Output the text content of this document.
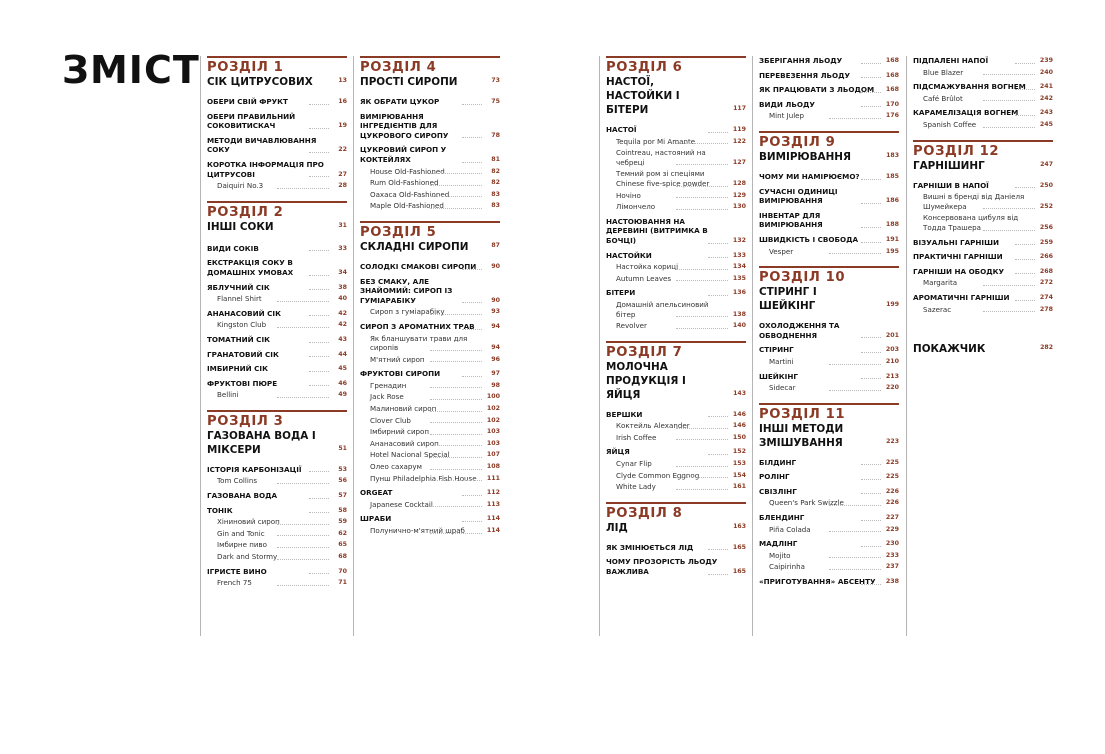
ЗМІСТ РОЗДІЛ 1
СІК ЦИТРУСОВИХ	13
ОБЕРИ СВІЙ ФРУКТ	16
ОБЕРИ ПРАВИЛЬНИЙ СОКОВИТИСКАЧ	19
МЕТОДИ ВИЧАВЛЮВАННЯ СОКУ	22
КОРОТКА ІНФОРМАЦІЯ ПРО ЦИТРУСОВІ	27
Daiquiri No.3	28
РОЗДІЛ 2
ІНШІ СОКИ	31
ВИДИ СОКІВ	33
ЕКСТРАКЦІЯ СОКУ В ДОМАШНІХ УМОВАХ	34
ЯБЛУЧНИЙ СІК	38
Flannel Shirt	40
АНАНАСОВИЙ СІК	42
Kingston Club	42
ТОМАТНИЙ СІК	43
ГРАНАТОВИЙ СІК	44
ІМБИРНИЙ СІК	45
ФРУКТОВІ ПЮРЕ	46
Bellini	49
РОЗДІЛ 3
ГАЗОВАНА ВОДА І МІКСЕРИ	51
ІСТОРІЯ КАРБОНІЗАЦІЇ	53
Tom Collins	56
ГАЗОВАНА ВОДА	57
ТОНІК	58
Хіниновий сироп	59
Gin and Tonic	62
Імбирне пиво	65
Dark and Stormy	68
ІГРИСТЕ ВИНО	70
French 75	71
РОЗДІЛ 4
ПРОСТІ СИРОПИ	73
ЯК ОБРАТИ ЦУКОР	75
ВИМІРЮВАННЯ ІНГРЕДІЄНТІВ ДЛЯ ЦУКРОВОГО СИРОПУ	78
ЦУКРОВИЙ СИРОП У КОКТЕЙЛЯХ	81
House Old-Fashioned	82
Rum Old-Fashioned	82
Oaxaca Old-Fashioned	83
Maple Old-Fashioned	83
РОЗДІЛ 5
СКЛАДНІ СИРОПИ	87
СОЛОДКІ СМАКОВІ СИРОПИ 90
БЕЗ СМАКУ, АЛЕ ЗНАЙОМИЙ: СИРОП ІЗ ГУМІАРАБІКУ	90
Сироп з гуміарабіку	93
СИРОП З АРОМАТНИХ ТРАВ	94
Як бланшувати трави для сиропів	94
М'ятний сироп	96
ФРУКТОВІ СИРОПИ	97
Гренадин	98
Jack Rose	100
Малиновий сироп	102
Clover Club	102
Імбирний сироп	103
Ананасовий сироп	103
Hotel Nacional Special	107
Олео сахарум	108
Пунш Philadelphia Fish House 111
ORGEAT	112
Japanese Cocktail	113
ШРАБИ	114
Полунично-м'ятний шраб	114
РОЗДІЛ 6
НАСТОЇ, НАСТОЙКИ І БІТЕРИ	117
НАСТОЇ	119
Tequila por Mi Amante	122
Cointreau, настояний на чебреці	127
Темний ром зі спеціями Chinese five-spice powder	128
Ночіно	129
Лімончело	130
НАСТОЮВАННЯ НА ДЕРЕВИНІ (ВИТРИМКА В БОЧЦІ)	132
НАСТОЙКИ	133
Настойка кориці	134
Autumn Leaves	135
БІТЕРИ	136
Домашній апельсиновий бітер	138
Revolver	140
РОЗДІЛ 7
МОЛОЧНА ПРОДУКЦІЯ І ЯЙЦЯ	143
ВЕРШКИ	146
Коктейль Alexander	146
Irish Coffee	150
ЯЙЦЯ	152
Cynar Flip	153
Clyde Common Eggnog	154
White Lady	161
РОЗДІЛ 8
ЛІД	163
ЯК ЗМІНЮЄТЬСЯ ЛІД	165
ЧОМУ ПРОЗОРІСТЬ ЛЬОДУ ВАЖЛИВА	165
ЗБЕРІГАННЯ ЛЬОДУ	168
ПЕРЕВЕЗЕННЯ ЛЬОДУ	168
ЯК ПРАЦЮВАТИ З ЛЬОДОМ 168
ВИДИ ЛЬОДУ	170
Mint Julep	176
РОЗДІЛ 9
ВИМІРЮВАННЯ	183
ЧОМУ МИ НАМІРЮЄМО?	185
СУЧАСНІ ОДИНИЦІ ВИМІРЮВАННЯ	186
ІНВЕНТАР ДЛЯ ВИМІРЮВАННЯ	188
ШВИДКІСТЬ І СВОБОДА	191
Vesper	195
РОЗДІЛ 10
СТІРИНГ І ШЕЙКІНГ	199
ОХОЛОДЖЕННЯ ТА ОБВОДНЕННЯ	201
СТІРИНГ	203
Martini	210
ШЕЙКІНГ	213
Sidecar	220
РОЗДІЛ 11
ІНШІ МЕТОДИ ЗМІШУВАННЯ	223
БІЛДИНГ	225
РОЛІНГ	225
СВІЗЛІНГ	226
Queen's Park Swizzle	226
БЛЕНДИНГ	227
Piña Colada	229
МАДЛІНГ	230
Mojito	233
Caipirinha	237
«ПРИГОТУВАННЯ» АБСЕНТУ 238
ПІДПАЛЕНІ НАПОЇ	239
Blue Blazer	240
ПІДСМАЖУВАННЯ ВОГНЕМ 241
Café Brûlot	242
КАРАМЕЛІЗАЦІЯ ВОГНЕМ	243
Spanish Coffee	245
РОЗДІЛ 12
ГАРНІШИНГ	247
ГАРНІШИ В НАПОЇ	250
Вишні в бренді від Даніеля Шумейкера	252
Консервована цибуля від Тодда Трашера	256
ВІЗУАЛЬНІ ГАРНІШИ	259
ПРАКТИЧНІ ГАРНІШИ	266
ГАРНІШИ НА ОБОДКУ	268
Margarita	272
АРОМАТИЧНІ ГАРНІШИ	274
Sazerac	278
ПОКАЖЧИК	282
